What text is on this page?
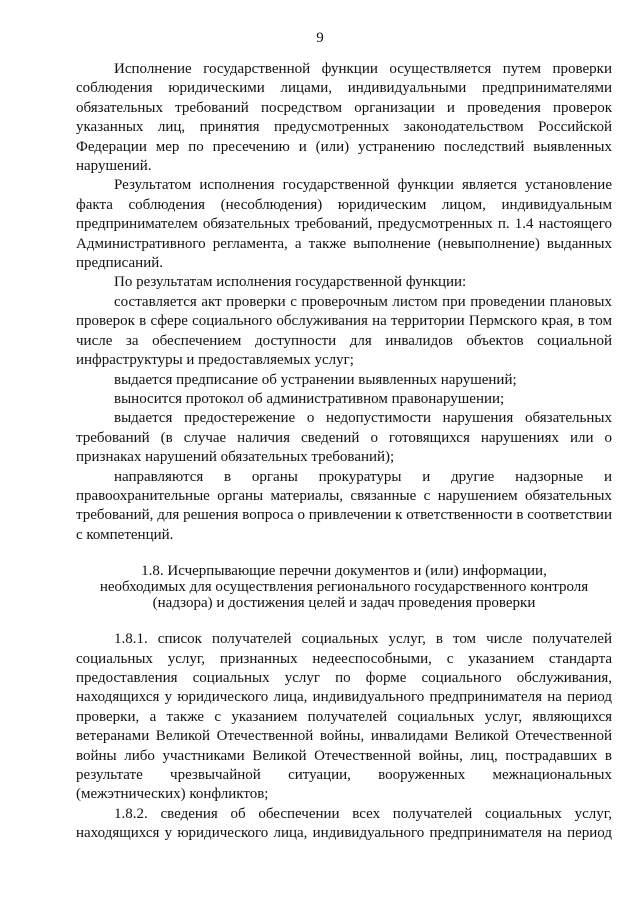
9

Исполнение государственной функции осуществляется путем проверки соблюдения юридическими лицами, индивидуальными предпринимателями обязательных требований посредством организации и проведения проверок указанных лиц, принятия предусмотренных законодательством Российской Федерации мер по пресечению и (или) устранению последствий выявленных нарушений.

Результатом исполнения государственной функции является установление факта соблюдения (несоблюдения) юридическим лицом, индивидуальным предпринимателем обязательных требований, предусмотренных п. 1.4 настоящего Административного регламента, а также выполнение (невыполнение) выданных предписаний.

По результатам исполнения государственной функции:

составляется акт проверки с проверочным листом при проведении плановых проверок в сфере социального обслуживания на территории Пермского края, в том числе за обеспечением доступности для инвалидов объектов социальной инфраструктуры и предоставляемых услуг;

выдается предписание об устранении выявленных нарушений;

выносится протокол об административном правонарушении;

выдается предостережение о недопустимости нарушения обязательных требований (в случае наличия сведений о готовящихся нарушениях или о признаках нарушений обязательных требований);

направляются в органы прокуратуры и другие надзорные и правоохранительные органы материалы, связанные с нарушением обязательных требований, для решения вопроса о привлечении к ответственности в соответствии с компетенций.

1.8. Исчерпывающие перечни документов и (или) информации,
необходимых для осуществления регионального государственного контроля
(надзора) и достижения целей и задач проведения проверки

1.8.1. список получателей социальных услуг, в том числе получателей социальных услуг, признанных недееспособными, с указанием стандарта предоставления социальных услуг по форме социального обслуживания, находящихся у юридического лица, индивидуального предпринимателя на период проверки, а также с указанием получателей социальных услуг, являющихся ветеранами Великой Отечественной войны, инвалидами Великой Отечественной войны либо участниками Великой Отечественной войны, лиц, пострадавших в результате чрезвычайной ситуации, вооруженных межнациональных (межэтнических) конфликтов;

1.8.2. сведения об обеспечении всех получателей социальных услуг, находящихся у юридического лица, индивидуального предпринимателя на период
